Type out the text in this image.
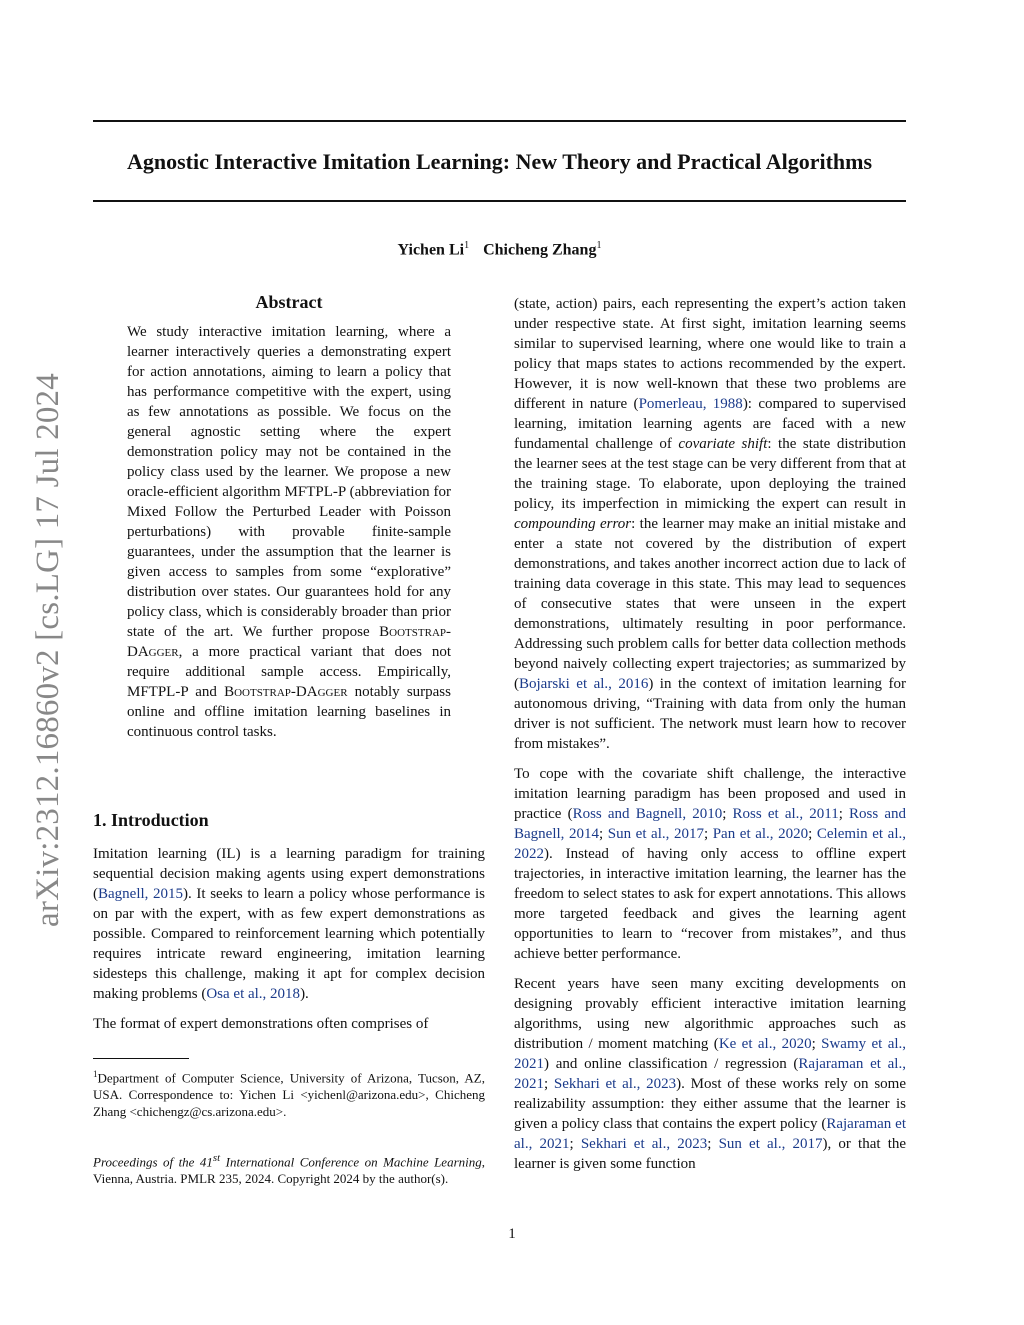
Agnostic Interactive Imitation Learning: New Theory and Practical Algorithms
Yichen Li$^1$ Chicheng Zhang$^1$
arXiv:2312.16860v2 [cs.LG] 17 Jul 2024
Abstract

We study interactive imitation learning, where a learner interactively queries a demonstrating expert for action annotations, aiming to learn a policy that has performance competitive with the expert, using as few annotations as possible. We focus on the general agnostic setting where the expert demonstration policy may not be contained in the policy class used by the learner. We propose a new oracle-efficient algorithm MFTPL-P (abbreviation for Mixed Follow the Perturbed Leader with Poisson perturbations) with provable finite-sample guarantees, under the assumption that the learner is given access to samples from some “explorative” distribution over states. Our guarantees hold for any policy class, which is considerably broader than prior state of the art. We further propose Bootstrap-DAgger, a more practical variant that does not require additional sample access. Empirically, MFTPL-P and Bootstrap-DAgger notably surpass online and offline imitation learning baselines in continuous control tasks.

1. Introduction

Imitation learning (IL) is a learning paradigm for training sequential decision making agents using expert demonstrations (Bagnell, 2015). It seeks to learn a policy whose performance is on par with the expert, with as few expert demonstrations as possible. Compared to reinforcement learning which potentially requires intricate reward engineering, imitation learning sidesteps this challenge, making it apt for complex decision making problems (Osa et al., 2018).

The format of expert demonstrations often comprises of

$^1$Department of Computer Science, University of Arizona, Tucson, AZ, USA. Correspondence to: Yichen Li <yichenl@arizona.edu>, Chicheng Zhang <chichengz@cs.arizona.edu>.

Proceedings of the 41st International Conference on Machine Learning, Vienna, Austria. PMLR 235, 2024. Copyright 2024 by the author(s).

(state, action) pairs, each representing the expert’s action taken under respective state. At first sight, imitation learning seems similar to supervised learning, where one would like to train a policy that maps states to actions recommended by the expert. However, it is now well-known that these two problems are different in nature (Pomerleau, 1988): compared to supervised learning, imitation learning agents are faced with a new fundamental challenge of covariate shift: the state distribution the learner sees at the test stage can be very different from that at the training stage. To elaborate, upon deploying the trained policy, its imperfection in mimicking the expert can result in compounding error: the learner may make an initial mistake and enter a state not covered by the distribution of expert demonstrations, and takes another incorrect action due to lack of training data coverage in this state. This may lead to sequences of consecutive states that were unseen in the expert demonstrations, ultimately resulting in poor performance. Addressing such problem calls for better data collection methods beyond naively collecting expert trajectories; as summarized by (Bojarski et al., 2016) in the context of imitation learning for autonomous driving, “Training with data from only the human driver is not sufficient. The network must learn how to recover from mistakes”.

To cope with the covariate shift challenge, the interactive imitation learning paradigm has been proposed and used in practice (Ross and Bagnell, 2010; Ross et al., 2011; Ross and Bagnell, 2014; Sun et al., 2017; Pan et al., 2020; Celemin et al., 2022). Instead of having only access to offline expert trajectories, in interactive imitation learning, the learner has the freedom to select states to ask for expert annotations. This allows more targeted feedback and gives the learning agent opportunities to learn to “recover from mistakes”, and thus achieve better performance.

Recent years have seen many exciting developments on designing provably efficient interactive imitation learning algorithms, using new algorithmic approaches such as distribution / moment matching (Ke et al., 2020; Swamy et al., 2021) and online classification / regression (Rajaraman et al., 2021; Sekhari et al., 2023). Most of these works rely on some realizability assumption: they either assume that the learner is given a policy class that contains the expert policy (Rajaraman et al., 2021; Sekhari et al., 2023; Sun et al., 2017), or that the learner is given some function

1
